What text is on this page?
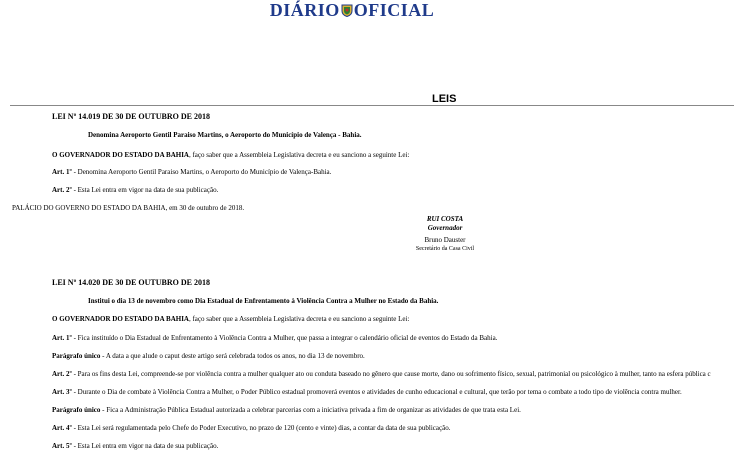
DIÁRIO OFICIAL
LEIS
LEI Nº 14.019 DE 30 DE OUTUBRO DE 2018
Denomina Aeroporto Gentil Paraiso Martins, o Aeroporto do Município de Valença - Bahia.
O GOVERNADOR DO ESTADO DA BAHIA, faço saber que a Assembleia Legislativa decreta e eu sanciono a seguinte Lei:
Art. 1º - Denomina Aeroporto Gentil Paraiso Martins, o Aeroporto do Município de Valença-Bahia.
Art. 2º - Esta Lei entra em vigor na data de sua publicação.
PALÁCIO DO GOVERNO DO ESTADO DA BAHIA, em 30 de outubro de 2018.
RUI COSTA
Governador
Bruno Dauster
Secretário da Casa Civil
LEI Nº 14.020 DE 30 DE OUTUBRO DE 2018
Institui o dia 13 de novembro como Dia Estadual de Enfrentamento à Violência Contra a Mulher no Estado da Bahia.
O GOVERNADOR DO ESTADO DA BAHIA, faço saber que a Assembleia Legislativa decreta e eu sanciono a seguinte Lei:
Art. 1º - Fica instituído o Dia Estadual de Enfrentamento à Violência Contra a Mulher, que passa a integrar o calendário oficial de eventos do Estado da Bahia.
Parágrafo único - A data a que alude o caput deste artigo será celebrada todos os anos, no dia 13 de novembro.
Art. 2º - Para os fins desta Lei, compreende-se por violência contra a mulher qualquer ato ou conduta baseado no gênero que cause morte, dano ou sofrimento físico, sexual, patrimonial ou psicológico à mulher, tanto na esfera pública c
Art. 3º - Durante o Dia de combate à Violência Contra a Mulher, o Poder Público estadual promoverá eventos e atividades de cunho educacional e cultural, que terão por tema o combate a todo tipo de violência contra mulher.
Parágrafo único - Fica a Administração Pública Estadual autorizada a celebrar parcerias com a iniciativa privada a fim de organizar as atividades de que trata esta Lei.
Art. 4º - Esta Lei será regulamentada pelo Chefe do Poder Executivo, no prazo de 120 (cento e vinte) dias, a contar da data de sua publicação.
Art. 5º - Esta Lei entra em vigor na data de sua publicação.
